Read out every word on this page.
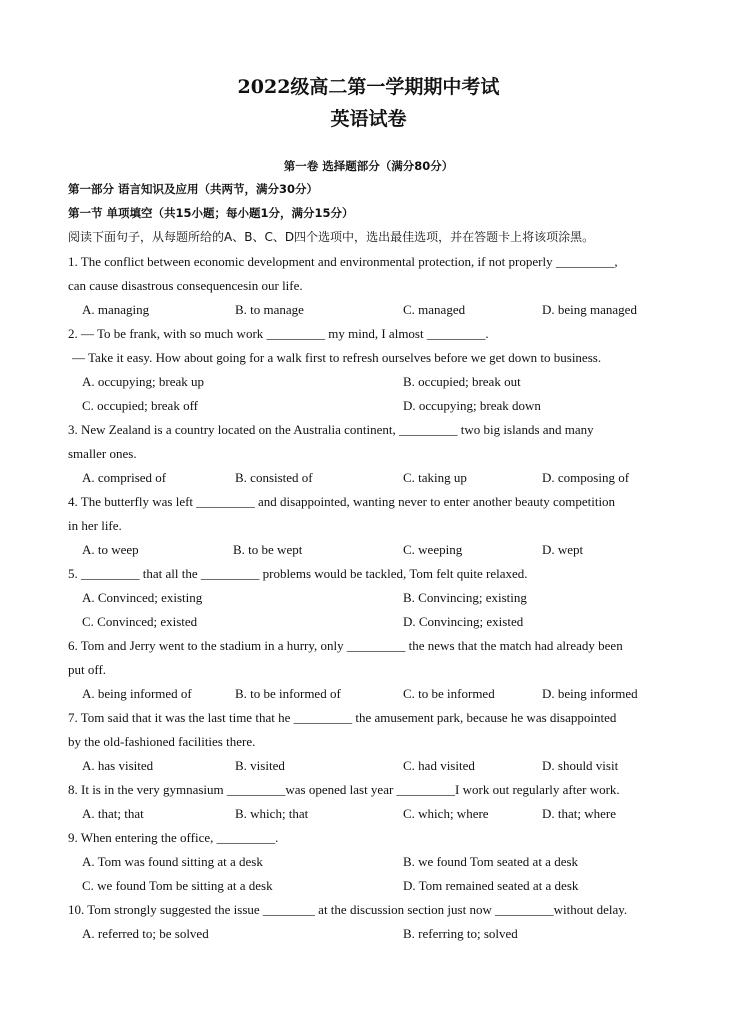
2022级高二第一学期期中考试
英语试卷
第一卷 选择题部分（满分80分）
第一部分 语言知识及应用（共两节，满分30分）
第一节 单项填空（共15小题；每小题1分，满分15分）
阅读下面句子，从每题所给的A、B、C、D四个选项中，选出最佳选项，并在答题卡上将该项涂黑。
1. The conflict between economic development and environmental protection, if not properly _________,
can cause disastrous consequencesin our life.
A. managing	B. to manage	C. managed	D. being managed
2. — To be frank, with so much work _________ my mind, I almost _________.
— Take it easy. How about going for a walk first to refresh ourselves before we get down to business.
A. occupying; break up	B. occupied; break out
C. occupied; break off	D. occupying; break down
3. New Zealand is a country located on the Australia continent, _________ two big islands and many
smaller ones.
A. comprised of	B. consisted of	C. taking up	D. composing of
4. The butterfly was left _________ and disappointed, wanting never to enter another beauty competition
in her life.
A. to weep	B. to be wept	C. weeping	D. wept
5. _________ that all the _________ problems would be tackled, Tom felt quite relaxed.
A. Convinced; existing	B. Convincing; existing
C. Convinced; existed	D. Convincing; existed
6. Tom and Jerry went to the stadium in a hurry, only _________ the news that the match had already been
put off.
A. being informed of	B. to be informed of	C. to be informed	D. being informed
7. Tom said that it was the last time that he _________ the amusement park, because he was disappointed
by the old-fashioned facilities there.
A. has visited	B. visited	C. had visited	D. should visit
8. It is in the very gymnasium _________was opened last year _________I work out regularly after work.
A. that; that	B. which; that	C. which; where	D. that; where
9. When entering the office, _________.
A. Tom was found sitting at a desk	B. we found Tom seated at a desk
C. we found Tom be sitting at a desk	D. Tom remained seated at a desk
10. Tom strongly suggested the issue ________ at the discussion section just now _________without delay.
A. referred to; be solved	B. referring to; solved
